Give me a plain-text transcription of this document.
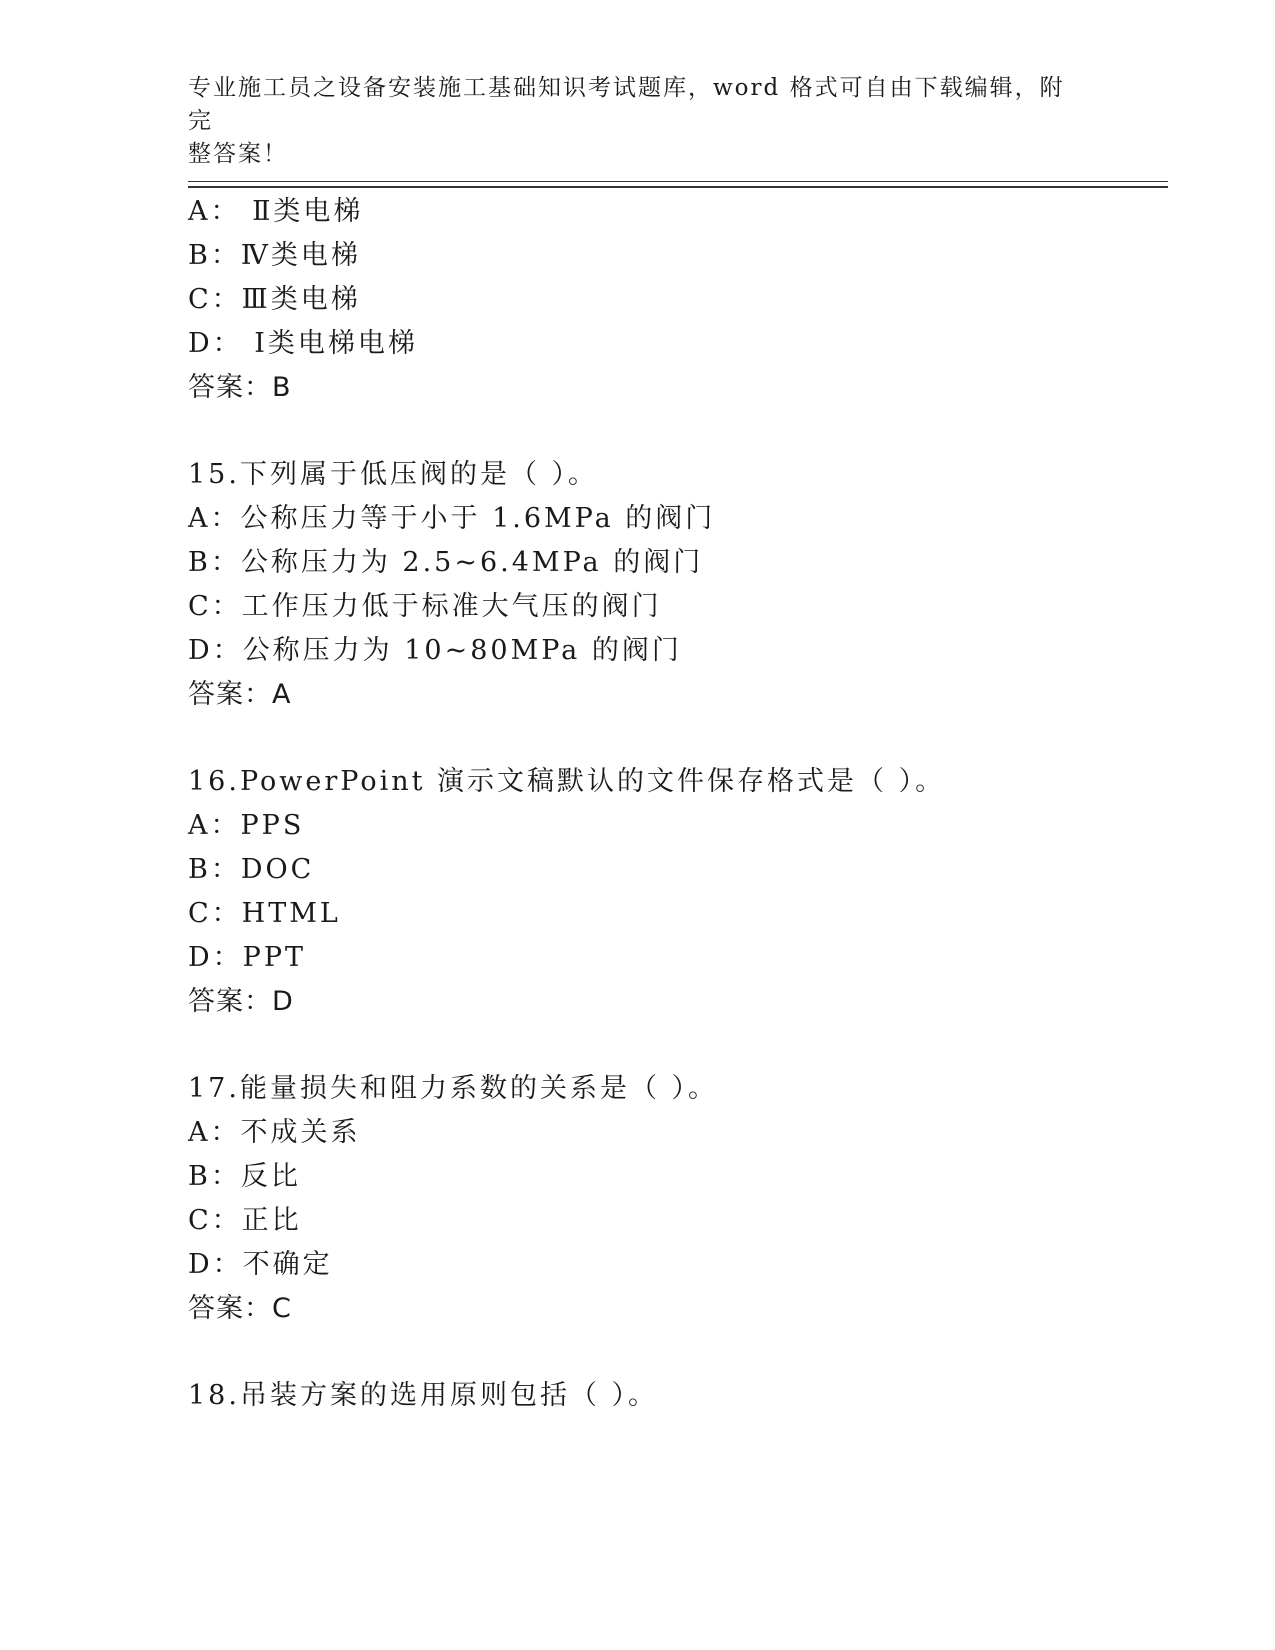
专业施工员之设备安装施工基础知识考试题库，word 格式可自由下载编辑，附完
整答案！
A： Ⅱ类电梯
B：Ⅳ类电梯
C：Ⅲ类电梯
D： Ⅰ类电梯电梯
答案：B
15.下列属于低压阀的是（ ）。
A：公称压力等于小于 1.6MPa 的阀门
B：公称压力为 2.5~6.4MPa 的阀门
C：工作压力低于标准大气压的阀门
D：公称压力为 10~80MPa 的阀门
答案：A
16.PowerPoint 演示文稿默认的文件保存格式是（ ）。
A：PPS
B：DOC
C：HTML
D：PPT
答案：D
17.能量损失和阻力系数的关系是（ ）。
A：不成关系
B：反比
C：正比
D：不确定
答案：C
18.吊装方案的选用原则包括（ ）。
